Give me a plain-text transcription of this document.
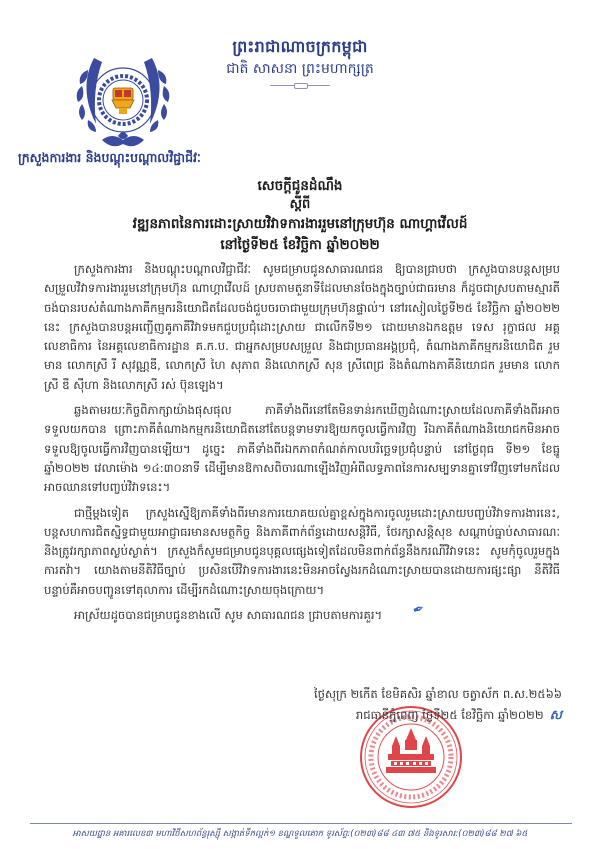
ព្រះរាជាណាចក្រកម្ពុជា
ជាតិ សាសនា ព្រះមហាក្សត្រ
ក្រសួងការងារ និងបណ្តុះបណ្តាលវិជ្ជាជីវៈ
សេចក្តីជូនដំណឹង
ស្តីពី
វឌ្ឍនភាពនៃការដោះស្រាយវិវាទការងាររួមនៅក្រុមហ៊ុន ណាហ្គាវើលដ៍
នៅថ្ងៃទី២៥ ខែវិច្ឆិកា ឆ្នាំ២០២២

ក្រសួងការងារ និងបណ្តុះបណ្តាលវិជ្ជាជីវៈ សូមជម្រាបជូនសាធារណជន ឱ្យបានជ្រាបថា ក្រសួងបានបន្តសម្របសម្រួលវិវាទការងាររួមនៅក្រុមហ៊ុន ណាហ្គាវើលដ៍ ស្របតាមតួនាទីដែលមានចែងក្នុងច្បាប់ជាធរមាន ក៏ដូចជាស្របតាមស្មារតីចង់បានរបស់តំណាងភាគីកម្មករនិយោជិតដែលចង់ជួបចរចាជាមួយក្រុមហ៊ុនផ្ទាល់។ នៅរសៀលថ្ងៃទី២៥ ខែវិច្ឆិកា ឆ្នាំ២០២២ នេះ ក្រសួងបានបន្តអញ្ជើញគូភាគីវិវាទមកជួបប្រជុំដោះស្រាយ ជាលើកទី២១ ដោយមានឯកឧត្តម ទេស រុក្ខាផល អគ្គលេខាធិការ នៃអគ្គលេខាធិការដ្ឋាន គ.ក.ប. ជាអ្នកសម្របសម្រួល និងជាប្រធានអង្គប្រជុំ, តំណាងភាគីកម្មករនិយោជិត រួមមាន លោកស្រី រី សុវណ្ណឌី, លោកស្រី ហៃ សុភាព និងលោកស្រី សុន ស្រីពេជ្រ និងតំណាងភាគីនិយោជក រួមមាន លោកស្រី ឌី ស៊ីហា និងលោកស្រី រស់ ប៊ុនឡេង។

ឆ្លងតាមរយៈកិច្ចពិភាក្សាយ៉ាងផុសផុល ភាគីទាំងពីរនៅតែមិនទាន់រកឃើញដំណោះស្រាយដែលភាគីទាំងពីរអាចទទួលយកបាន ព្រោះភាគីតំណាងកម្មករនិយោជិតនៅតែបន្តទាមទារឱ្យយកចូលធ្វើការវិញ រីឯភាគីតំណាងនិយោជកមិនអាចទទួលឱ្យចូលធ្វើការវិញបានឡើយ។ ដូច្នេះ ភាគីទាំងពីរឯកភាពកំណត់កាលបរិច្ឆេទប្រជុំបន្ទាប់ នៅថ្ងៃពុធ ទី២១ ខែធ្នូ ឆ្នាំ២០២២ វេលាម៉ោង ១៤:៣០នាទី ដើម្បីមានឱកាសពិចារណាឡើងវិញអំពីលទ្ធភាពនៃការសម្បទានគ្នាទៅវិញទៅមកដែលអាចឈានទៅបញ្ចប់វិវាទនេះ។

ជាថ្មីម្តងទៀត ក្រសួងស្នើឱ្យភាគីទាំងពីរមានការយោគយល់គ្នាខ្ពស់ក្នុងការចូលរួមដោះស្រាយបញ្ចប់វិវាទការងារនេះ, បន្តសហការជិតស្និទ្ធជាមួយអាជ្ញាធរមានសមត្ថកិច្ច និងភាគីពាក់ព័ន្ធដោយសន្តិវិធី, ថែរក្សាសន្តិសុខ សណ្តាប់ធ្នាប់សាធារណៈ និងត្រូវរក្សាភាពស្ងប់ស្ងាត់។ ក្រសួងក៏សូមជម្រាបជូនបុគ្គលផ្សេងទៀតដែលមិនពាក់ព័ន្ធនឹងករណីវិវាទនេះ សូមកុំចូលរួមក្នុងការតវ៉ា។ យោងតាមនីតិវិធីច្បាប់ ប្រសិនបើវិវាទការងារនេះមិនអាចស្វែងរកដំណោះស្រាយបានដោយការផ្សះផ្សា នីតិវិធីបន្ទាប់គឺអាចបញ្ជូនទៅតុលាការ ដើម្បីរកដំណោះស្រាយចុងក្រោយ។

អាស្រ័យដូចបានជម្រាបជូនខាងលើ សូម សាធារណជន ជ្រាបតាមការគួរ។ ✒

ថ្ងៃសុក្រ ២កើត ខែមិគសិរ ឆ្នាំខាល ចត្វាស័ក ព.ស.២៥៦៦
រាជធានីភ្នំពេញ ថ្ងៃទី២៥ ខែវិច្ឆិកា ឆ្នាំ២០២២ ស
អាសយដ្ឋាន អគារលេខ៣ មហាវិថីសហព័ន្ធរុស្ស៊ី សង្កាត់ទឹកល្អក់១ ខណ្ឌទួលគោក ទូរស័ព្ទ:(០២៣)៨៨ ៤៣ ៧៥ និងទូរសារ:(០២៣)៨៨ ២៧ ៦៥
